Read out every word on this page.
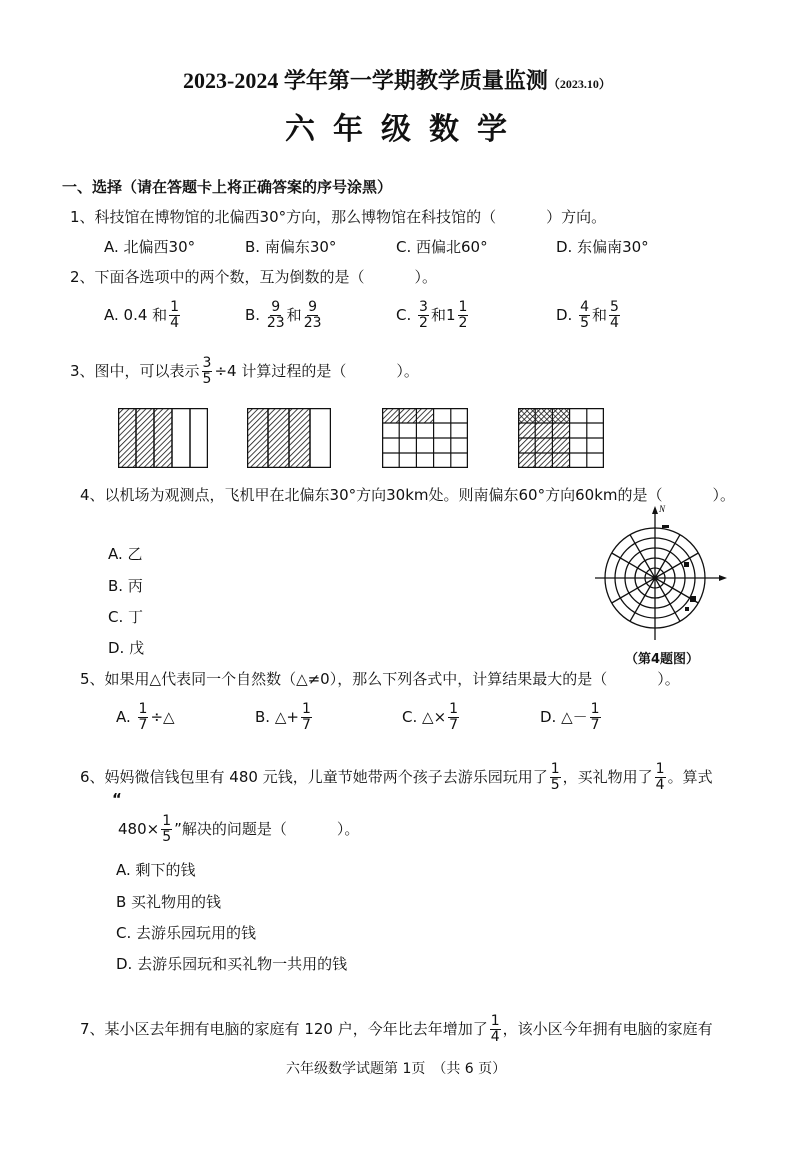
2023-2024 学年第一学期教学质量监测（2023.10）
六年级数学
一、选择（请在答题卡上将正确答案的序号涂黑）
1、科技馆在博物馆的北偏西30°方向，那么博物馆在科技馆的（	）方向。
A. 北偏西30°	B. 南偏东30°	C. 西偏北60°	D. 东偏南30°
2、下面各选项中的两个数，互为倒数的是（	）。
A. 0.4 和 $\frac{1}{4}$	B. $\frac{9}{23}$ 和 $\frac{9}{23}$	C. $\frac{3}{2}$ 和$1 \frac{1}{2}$	D. $\frac{4}{5}$ 和 $\frac{5}{4}$
3、图中，可以表示 $\frac{3}{5} \div 4$ 计算过程的是（	）。
4、以机场为观测点，飞机甲在北偏东30°方向30km处。则南偏东60°方向60km的是（	）。
A. 乙
B. 丙
C. 丁
D. 戊
N
（第4题图）
5、如果用△代表同一个自然数（△≠0），那么下列各式中，计算结果最大的是（	）。
A. $\frac{1}{7}$ ÷△	B. △+ $\frac{1}{7}$	C. △× $\frac{1}{7}$	D. △－ $\frac{1}{7}$
6、妈妈微信钱包里有 480 元钱，儿童节她带两个孩子去游乐园玩用了 $\frac{1}{5}$ ，买礼物用了 $\frac{1}{4}$ 。算式
“
$480\times \frac{1}{5}$ ”解决的问题是（	）。
A. 剩下的钱
B 买礼物用的钱
C. 去游乐园玩用的钱
D. 去游乐园玩和买礼物一共用的钱
7、某小区去年拥有电脑的家庭有 120 户，今年比去年增加了 $\frac{1}{4}$ ，该小区今年拥有电脑的家庭有
六年级数学试题第 1页　（共 6 页）
